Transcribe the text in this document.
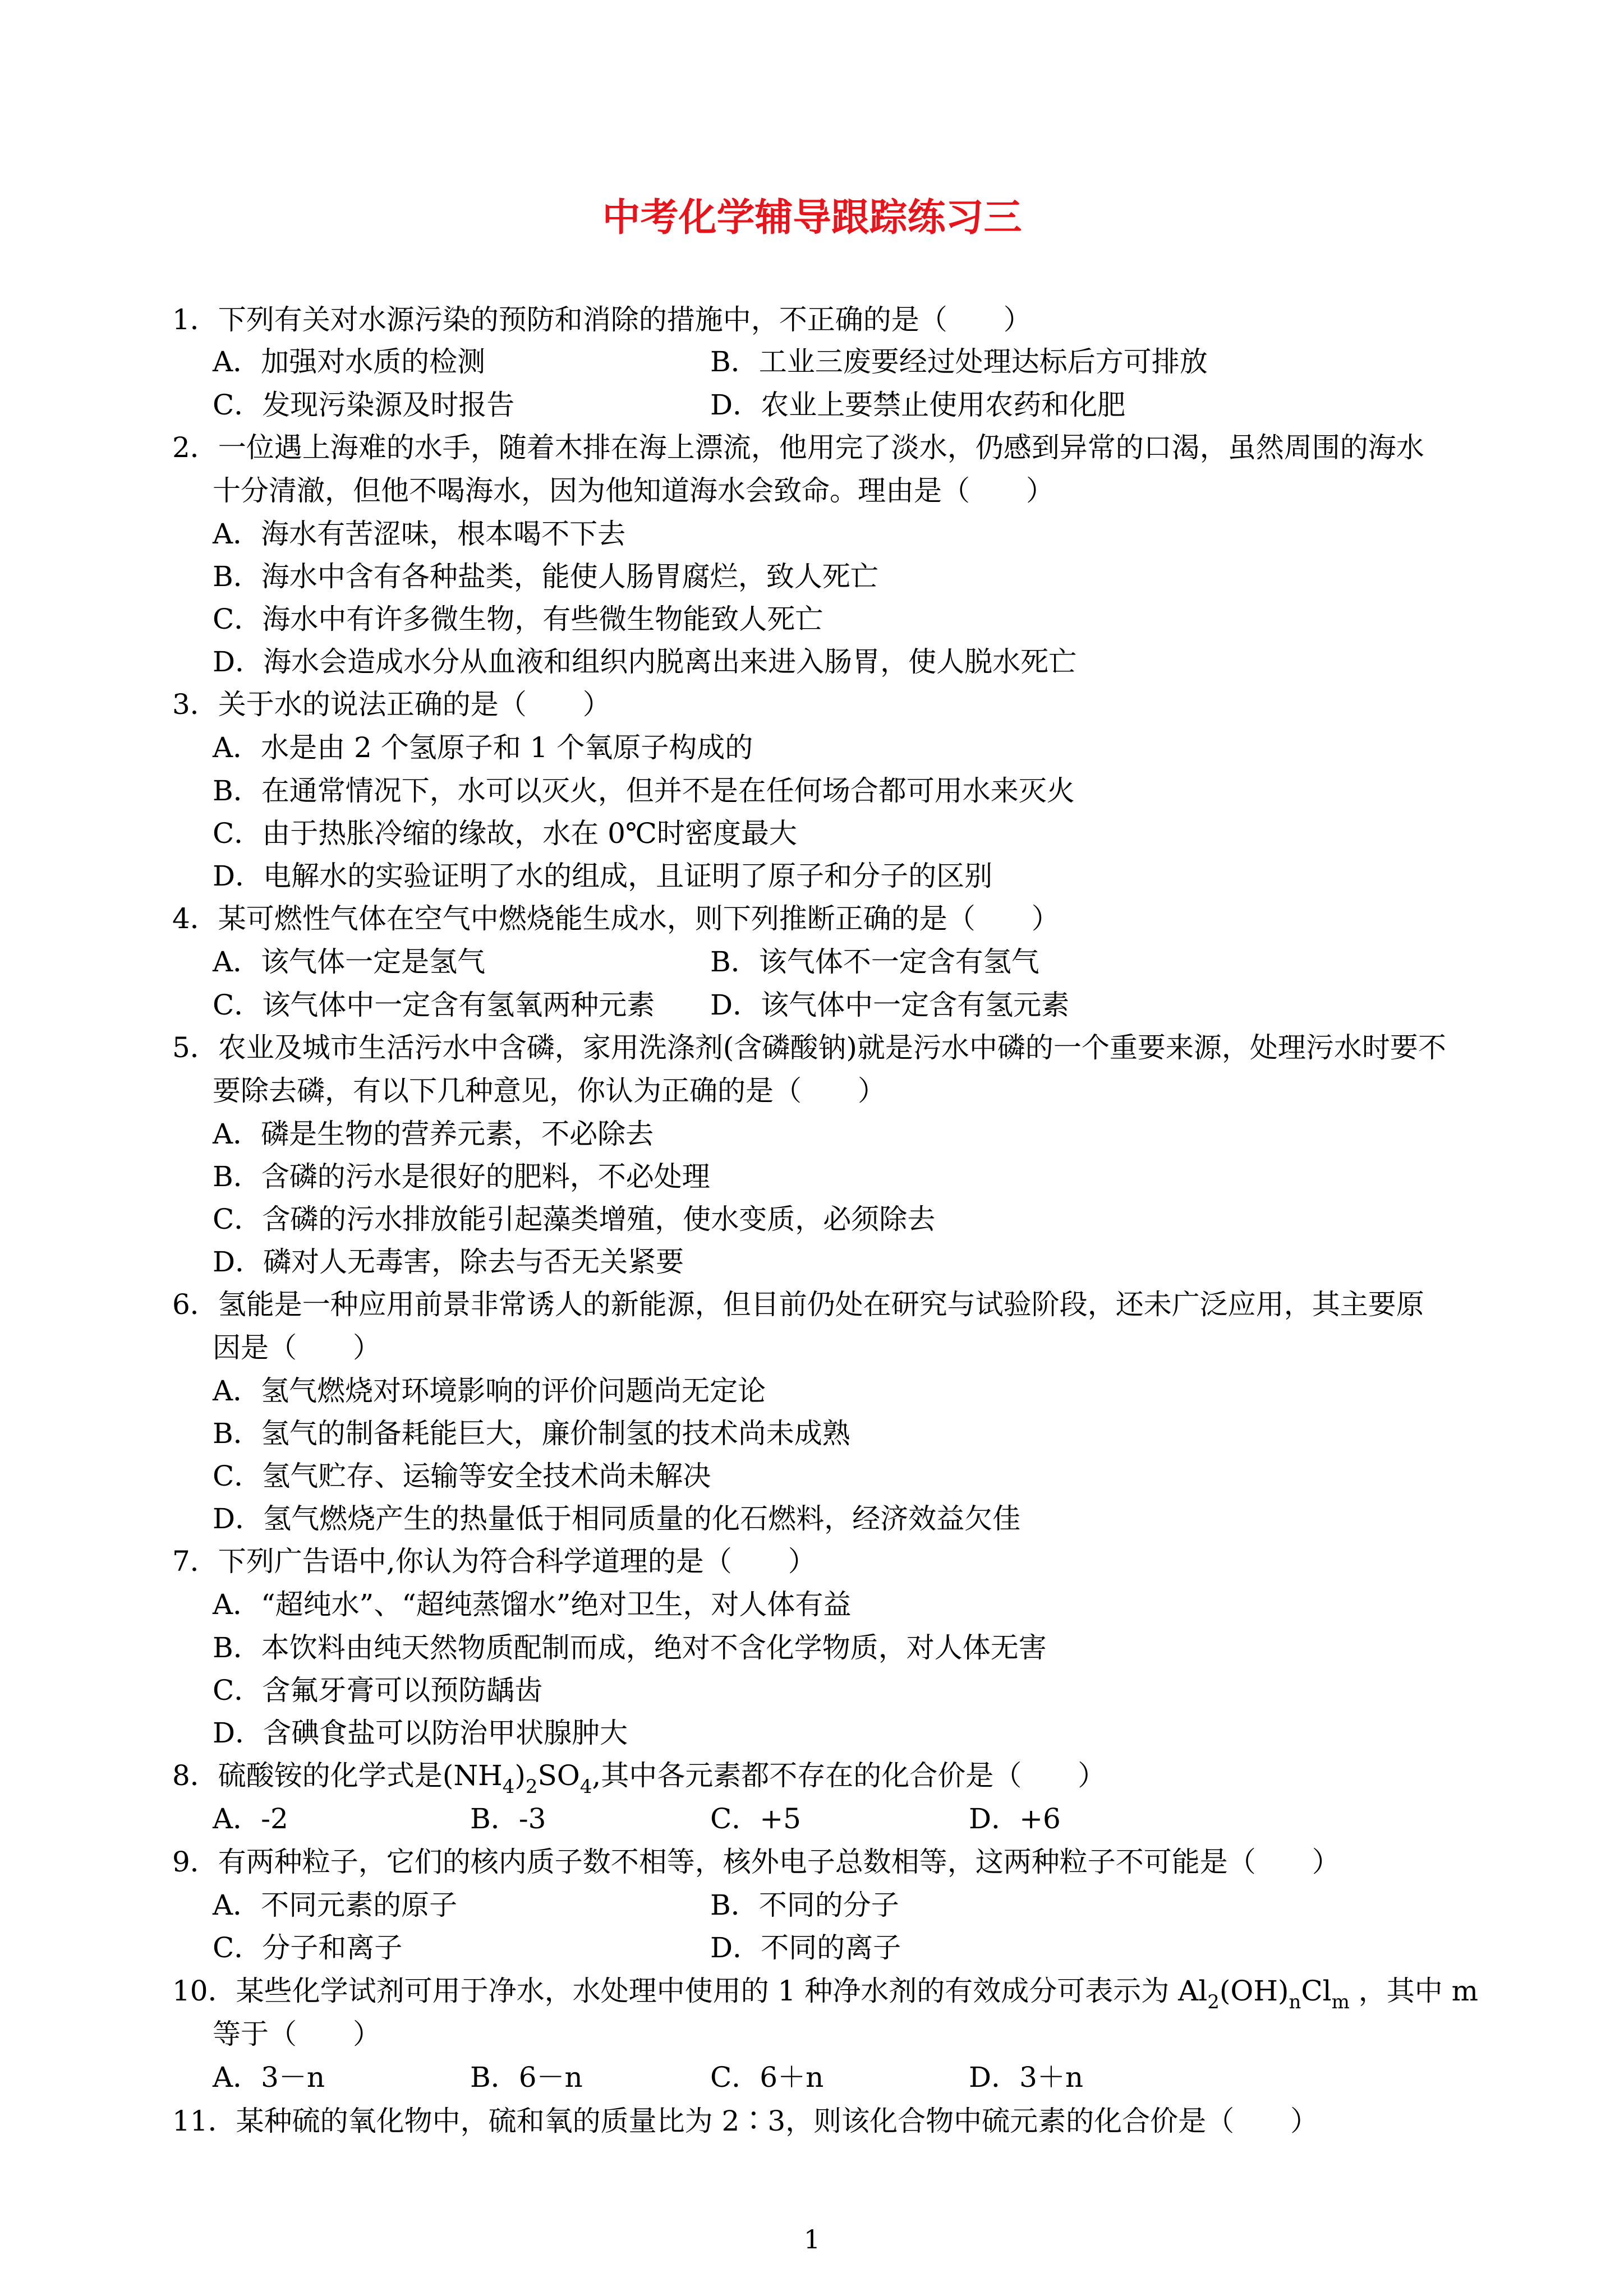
中考化学辅导跟踪练习三
1．下列有关对水源污染的预防和消除的措施中，不正确的是（　　）
A．加强对水质的检测	B．工业三废要经过处理达标后方可排放
C．发现污染源及时报告	D．农业上要禁止使用农药和化肥
2．一位遇上海难的水手，随着木排在海上漂流，他用完了淡水，仍感到异常的口渴，虽然周围的海水
十分清澈，但他不喝海水，因为他知道海水会致命。理由是（　　）
A．海水有苦涩味，根本喝不下去
B．海水中含有各种盐类，能使人肠胃腐烂，致人死亡
C．海水中有许多微生物，有些微生物能致人死亡
D．海水会造成水分从血液和组织内脱离出来进入肠胃，使人脱水死亡
3．关于水的说法正确的是（　　）
A．水是由 2 个氢原子和 1 个氧原子构成的
B．在通常情况下，水可以灭火，但并不是在任何场合都可用水来灭火
C．由于热胀冷缩的缘故，水在 0℃时密度最大
D．电解水的实验证明了水的组成，且证明了原子和分子的区别
4．某可燃性气体在空气中燃烧能生成水，则下列推断正确的是（　　）
A．该气体一定是氢气	B．该气体不一定含有氢气
C．该气体中一定含有氢氧两种元素 D．该气体中一定含有氢元素
5．农业及城市生活污水中含磷，家用洗涤剂(含磷酸钠)就是污水中磷的一个重要来源，处理污水时要不
要除去磷，有以下几种意见，你认为正确的是（　　）
A．磷是生物的营养元素，不必除去
B．含磷的污水是很好的肥料，不必处理
C．含磷的污水排放能引起藻类增殖，使水变质，必须除去
D．磷对人无毒害，除去与否无关紧要
6．氢能是一种应用前景非常诱人的新能源，但目前仍处在研究与试验阶段，还未广泛应用，其主要原
因是（　　）
A．氢气燃烧对环境影响的评价问题尚无定论
B．氢气的制备耗能巨大，廉价制氢的技术尚未成熟
C．氢气贮存、运输等安全技术尚未解决
D．氢气燃烧产生的热量低于相同质量的化石燃料，经济效益欠佳
7．下列广告语中,你认为符合科学道理的是（　　）
A．“超纯水”、“超纯蒸馏水”绝对卫生，对人体有益
B．本饮料由纯天然物质配制而成，绝对不含化学物质，对人体无害
C．含氟牙膏可以预防龋齿
D．含碘食盐可以防治甲状腺肿大
8．硫酸铵的化学式是$(NH_4)_2SO_4$,其中各元素都不存在的化合价是（　　）
A．-2	B．-3	C．+5	D．+6
9．有两种粒子，它们的核内质子数不相等，核外电子总数相等，这两种粒子不可能是（　　）
A．不同元素的原子	B．不同的分子
C．分子和离子	D．不同的离子
10．某些化学试剂可用于净水，水处理中使用的 1 种净水剂的有效成分可表示为 $Al_2(OH)_nCl_m$ ，其中 m
等于（　　）
A．3－n	B．6－n	C．6＋n	D．3＋n
11．某种硫的氧化物中，硫和氧的质量比为 2∶3，则该化合物中硫元素的化合价是（　　）
1
